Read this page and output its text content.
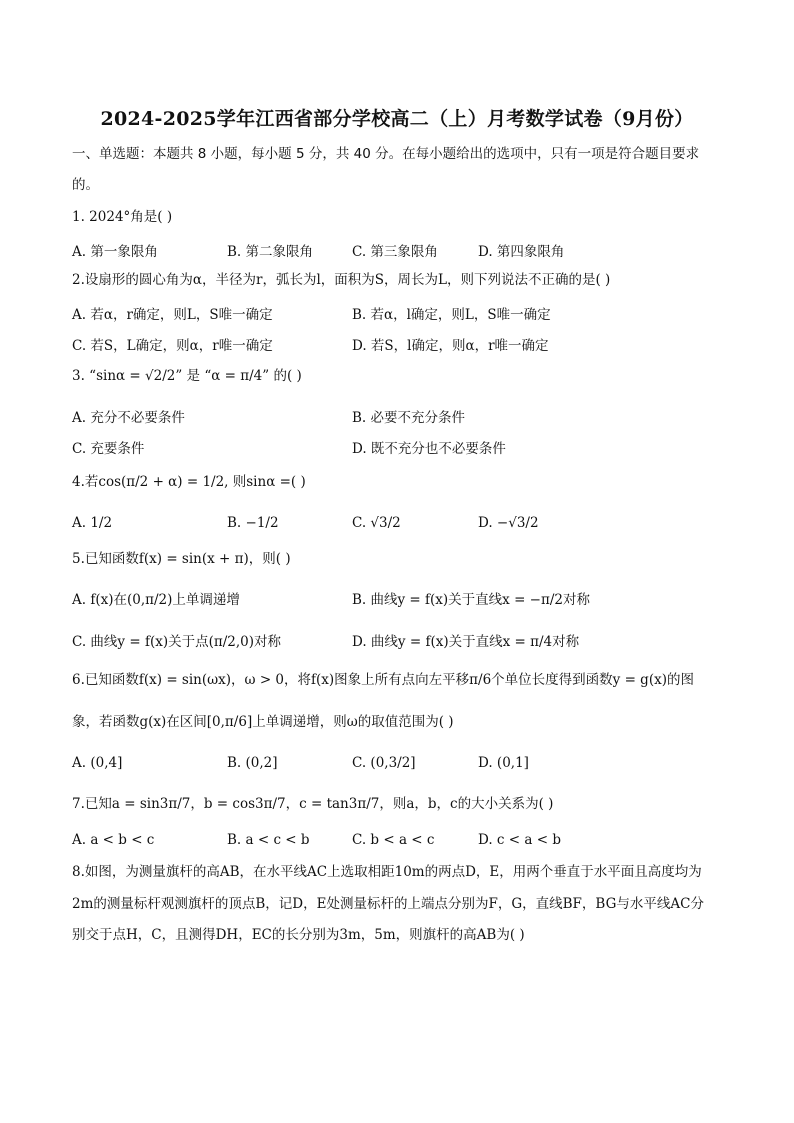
2024-2025学年江西省部分学校高二（上）月考数学试卷（9月份）
一、单选题：本题共 8 小题，每小题 5 分，共 40 分。在每小题给出的选项中，只有一项是符合题目要求
的。
1. 2024°角是( )
A. 第一象限角	B. 第二象限角	C. 第三象限角	D. 第四象限角
2.设扇形的圆心角为α，半径为r，弧长为l，面积为S，周长为L，则下列说法不正确的是( )
A. 若α，r确定，则L，S唯一确定	B. 若α，l确定，则L，S唯一确定
C. 若S，L确定，则α，r唯一确定	D. 若S，l确定，则α，r唯一确定
3. “sinα = √2/2” 是 “α = π/4” 的( )
A. 充分不必要条件	B. 必要不充分条件
C. 充要条件	D. 既不充分也不必要条件
4.若cos(π/2 + α) = 1/2, 则sinα =( )
A. 1/2	B. −1/2	C. √3/2	D. −√3/2
5.已知函数f(x) = sin(x + π)，则( )
A. f(x)在(0,π/2)上单调递增	B. 曲线y = f(x)关于直线x = −π/2对称
C. 曲线y = f(x)关于点(π/2,0)对称	D. 曲线y = f(x)关于直线x = π/4对称
6.已知函数f(x) = sin(ωx)，ω > 0，将f(x)图象上所有点向左平移π/6个单位长度得到函数y = g(x)的图
象，若函数g(x)在区间[0,π/6]上单调递增，则ω的取值范围为( )
A. (0,4]	B. (0,2]	C. (0,3/2]	D. (0,1]
7.已知a = sin3π/7，b = cos3π/7，c = tan3π/7，则a，b，c的大小关系为( )
A. a < b < c	B. a < c < b	C. b < a < c	D. c < a < b
8.如图，为测量旗杆的高AB，在水平线AC上选取相距10m的两点D，E，用两个垂直于水平面且高度均为
2m的测量标杆观测旗杆的顶点B，记D，E处测量标杆的上端点分别为F，G，直线BF，BG与水平线AC分
别交于点H，C，且测得DH，EC的长分别为3m，5m，则旗杆的高AB为( )
